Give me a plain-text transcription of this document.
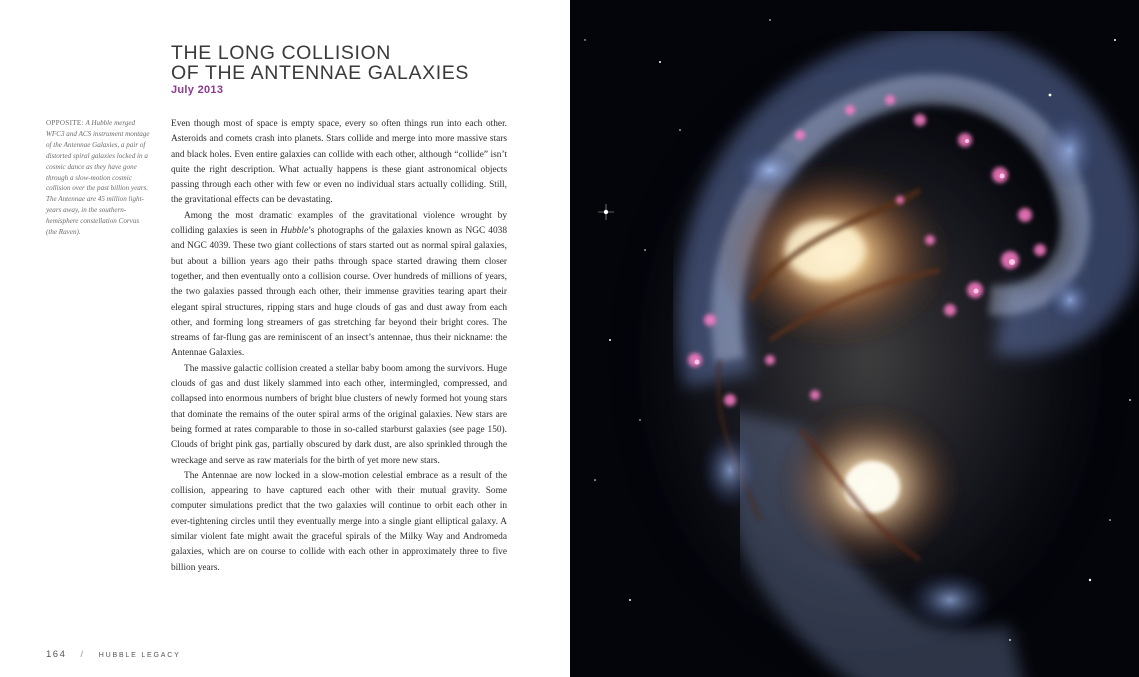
THE LONG COLLISION
OF THE ANTENNAE GALAXIES
July 2013
OPPOSITE: A Hubble merged WFC3 and ACS instrument montage of the Antennae Galaxies, a pair of distorted spiral galaxies locked in a cosmic dance as they have gone through a slow-motion cosmic collision over the past billion years. The Antennae are 45 million light-years away, in the southern-hemisphere constellation Corvus (the Raven).

Even though most of space is empty space, every so often things run into each other. Asteroids and comets crash into planets. Stars collide and merge into more massive stars and black holes. Even entire galaxies can collide with each other, although “collide” isn’t quite the right description. What actually happens is these giant astronomical objects passing through each other with few or even no individual stars actually colliding. Still, the gravitational effects can be devastating.

Among the most dramatic examples of the gravitational violence wrought by colliding galaxies is seen in Hubble’s photographs of the galaxies known as NGC 4038 and NGC 4039. These two giant collections of stars started out as normal spiral galaxies, but about a billion years ago their paths through space started drawing them closer together, and then eventually onto a collision course. Over hundreds of millions of years, the two galaxies passed through each other, their immense gravities tearing apart their elegant spiral structures, ripping stars and huge clouds of gas and dust away from each other, and forming long streamers of gas stretching far beyond their bright cores. The streams of far-flung gas are reminiscent of an insect’s antennae, thus their nickname: the Antennae Galaxies.

The massive galactic collision created a stellar baby boom among the survivors. Huge clouds of gas and dust likely slammed into each other, intermingled, compressed, and collapsed into enormous numbers of bright blue clusters of newly formed hot young stars that dominate the remains of the outer spiral arms of the original galaxies. New stars are being formed at rates comparable to those in so-called starburst galaxies (see page 150). Clouds of bright pink gas, partially obscured by dark dust, are also sprinkled through the wreckage and serve as raw materials for the birth of yet more new stars.

The Antennae are now locked in a slow-motion celestial embrace as a result of the collision, appearing to have captured each other with their mutual gravity. Some computer simulations predict that the two galaxies will continue to orbit each other in ever-tightening circles until they eventually merge into a single giant elliptical galaxy. A similar violent fate might await the graceful spirals of the Milky Way and Andromeda galaxies, which are on course to collide with each other in approximately three to five billion years.

164 / HUBBLE LEGACY
